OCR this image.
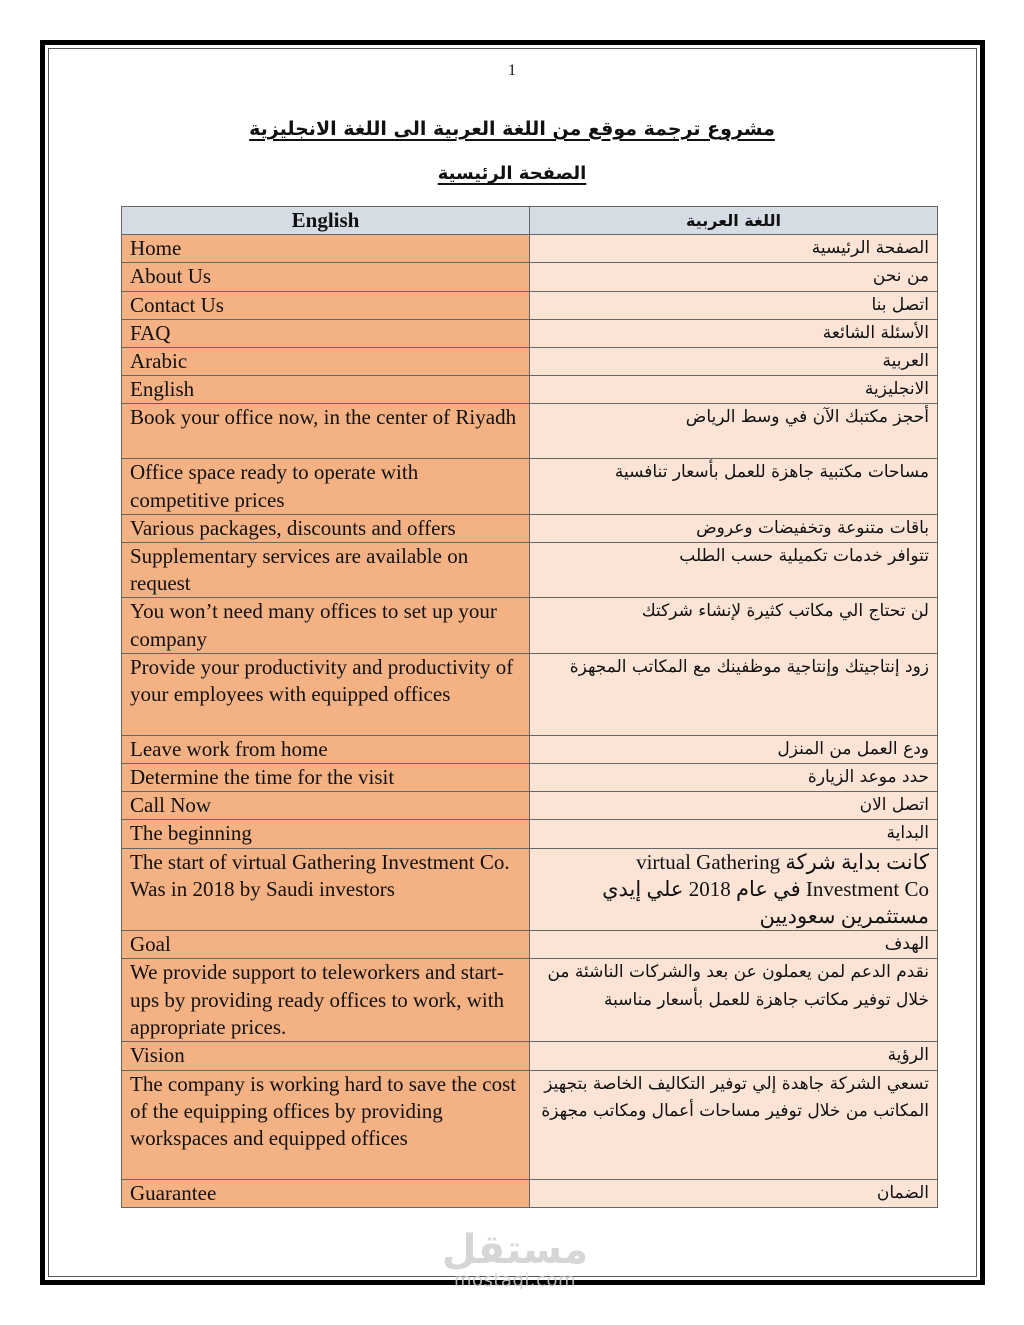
1
مشروع ترجمة موقع من اللغة العربية الى اللغة الانجليزية
الصفحة الرئيسية
English	اللغة العربية
Home	الصفحة الرئيسية
About Us	من نحن
Contact Us	اتصل بنا
FAQ	الأسئلة الشائعة
Arabic	العربية
English	الانجليزية
Book your office now, in the center of Riyadh	أحجز مكتبك الآن في وسط الرياض
Office space ready to operate with competitive prices	مساحات مكتبية جاهزة للعمل بأسعار تنافسية
Various packages, discounts and offers	باقات متنوعة وتخفيضات وعروض
Supplementary services are available on request	تتوافر خدمات تكميلية حسب الطلب
You won’t need many offices to set up your company	لن تحتاج الي مكاتب كثيرة لإنشاء شركتك
Provide your productivity and productivity of your employees with equipped offices	زود إنتاجيتك وإنتاجية موظفينك مع المكاتب المجهزة
Leave work from home	ودع العمل من المنزل
Determine the time for the visit	حدد موعد الزيارة
Call Now	اتصل الان
The beginning	البداية
The start of virtual Gathering Investment Co. Was in 2018 by Saudi investors	كانت بداية شركة virtual Gathering Investment Co في عام 2018 علي إيدي مستثمرين سعوديين
Goal	الهدف
We provide support to teleworkers and start-ups by providing ready offices to work, with appropriate prices.	نقدم الدعم لمن يعملون عن بعد والشركات الناشئة من خلال توفير مكاتب جاهزة للعمل بأسعار مناسبة
Vision	الرؤية
The company is working hard to save the cost of the equipping offices by providing workspaces and equipped offices	تسعي الشركة جاهدة إلي توفير التكاليف الخاصة بتجهيز المكاتب من خلال توفير مساحات أعمال ومكاتب مجهزة
Guarantee	الضمان
مستقل
mostaqi.com
